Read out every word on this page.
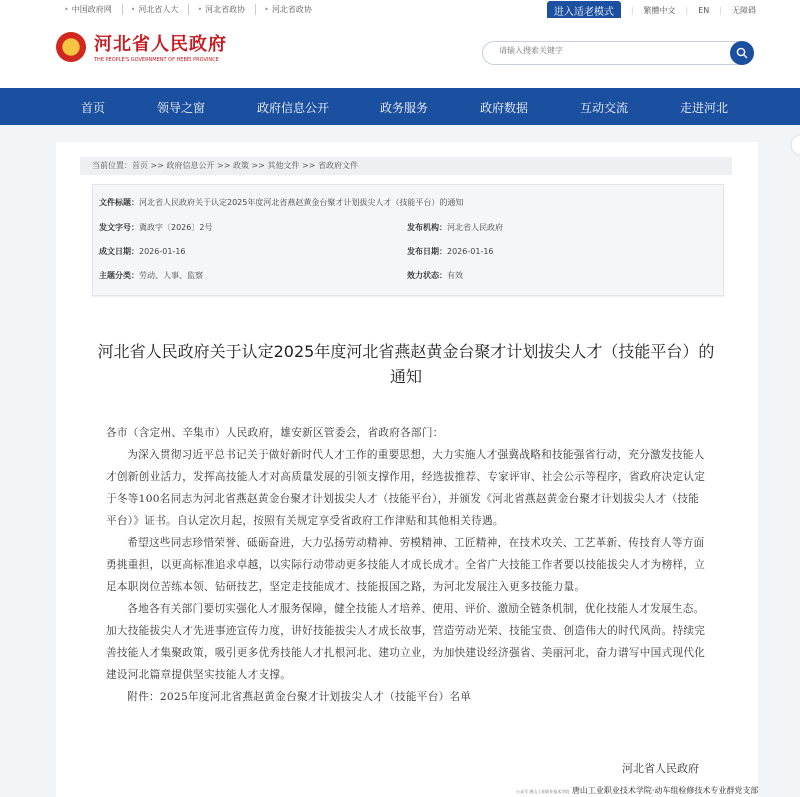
• 中国政府网	• 河北省人大	• 河北省政协	• 河北省政协	进入适老模式	| 繁體中文 | EN | 无障碍
★
河北省人民政府
THE PEOPLE'S GOVERNMENT OF HEBEI PROVINCE
请输入搜索关键字
首页	领导之窗	政府信息公开	政务服务	政府数据	互动交流	走进河北
当前位置：首页 >> 政府信息公开 >> 政策 >> 其他文件 >> 省政府文件
文件标题：河北省人民政府关于认定2025年度河北省燕赵黄金台聚才计划拔尖人才（技能平台）的通知
发文字号：冀政字〔2026〕2号	发布机构：河北省人民政府
成文日期：2026-01-16	发布日期：2026-01-16
主题分类：劳动、人事、监察	效力状态：有效
河北省人民政府关于认定2025年度河北省燕赵黄金台聚才计划拔尖人才（技能平台）的通知

各市（含定州、辛集市）人民政府，雄安新区管委会，省政府各部门：

为深入贯彻习近平总书记关于做好新时代人才工作的重要思想，大力实施人才强冀战略和技能强省行动，充分激发技能人才创新创业活力，发挥高技能人才对高质量发展的引领支撑作用，经选拔推荐、专家评审、社会公示等程序，省政府决定认定于冬等100名同志为河北省燕赵黄金台聚才计划拔尖人才（技能平台），并颁发《河北省燕赵黄金台聚才计划拔尖人才（技能平台）》证书。自认定次月起，按照有关规定享受省政府工作津贴和其他相关待遇。

希望这些同志珍惜荣誉、砥砺奋进，大力弘扬劳动精神、劳模精神、工匠精神，在技术攻关、工艺革新、传技育人等方面勇挑重担，以更高标准追求卓越，以实际行动带动更多技能人才成长成才。全省广大技能工作者要以技能拔尖人才为榜样，立足本职岗位苦练本领、钻研技艺，坚定走技能成才、技能报国之路，为河北发展注入更多技能力量。

各地各有关部门要切实强化人才服务保障，健全技能人才培养、使用、评价、激励全链条机制，优化技能人才发展生态。加大技能拔尖人才先进事迹宣传力度，讲好技能拔尖人才成长故事，营造劳动光荣、技能宝贵、创造伟大的时代风尚。持续完善技能人才集聚政策，吸引更多优秀技能人才扎根河北、建功立业，为加快建设经济强省、美丽河北，奋力谱写中国式现代化建设河北篇章提供坚实技能人才支撑。

附件：2025年度河北省燕赵黄金台聚才计划拔尖人才（技能平台）名单

河北省人民政府
公众号 唐山工业职业技术学院 唐山工业职业技术学院·动车组检修技术专业群党支部
